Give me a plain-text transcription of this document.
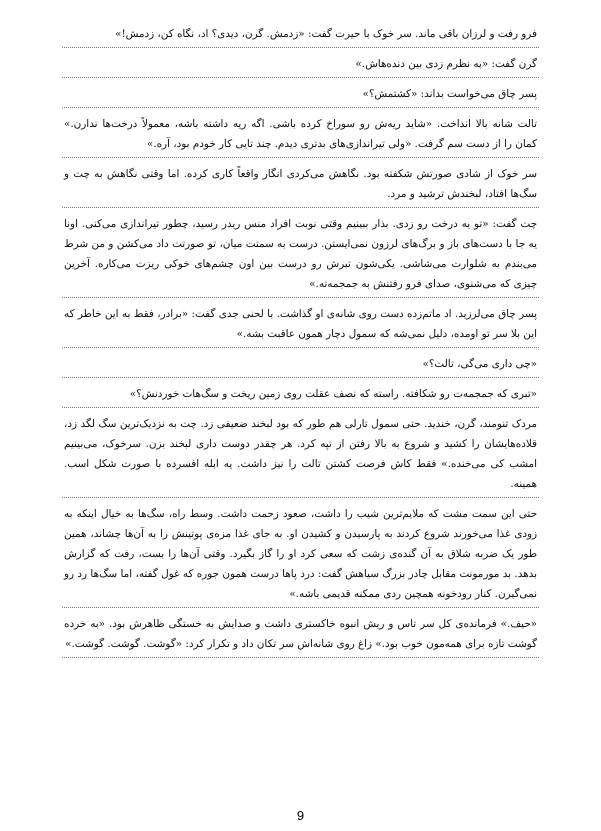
فرو رفت و لرزان باقی ماند. سر خوک با حیرت گفت: «زدمش. گرن، دیدی؟ اد، نگاه کن، زدمش!»

گرن گفت: «به نظرم زدی بین دنده‌هاش.»

پسر چاق می‌خواست بداند: «کشتمش؟»

تالت شانه بالا انداخت. «شاید ریه‌ش رو سوراخ کرده باشی. اگه ریه داشته باشه، معمولاً درخت‌ها ندارن.» کمان را از دست سم گرفت. «ولی تیراندازی‌های بدتری دیدم. چند تایی کار خودم بود، آره.»

سر خوک از شادی صورتش شکفته بود. نگاهش می‌کردی انگار واقعاً کاری کرده. اما وقتی نگاهش به چت و سگ‌ها افتاد، لبخندش ترشید و مرد.

چت گفت: «تو یه درخت رو زدی. بذار ببینیم وقتی نوبت افراد منس ریدر رسید، چطور تیراندازی می‌کنی. اونا یه جا با دست‌های باز و برگ‌های لرزون نمی‌ایستن. درست به سمتت میان، تو صورتت داد می‌کشن و من شرط می‌بندم به شلوارت می‌شاشی. یکی‌شون تبرش رو درست بین اون چشم‌های خوکی ریزت می‌کاره. آخرین چیزی که می‌شنوی، صدای فرو رفتنش به جمجمه‌ته.»

پسر چاق می‌لرزید. اد ماتم‌زده دست روی شانه‌ی او گذاشت. با لحنی جدی گفت: «برادر، فقط به این خاطر که این بلا سر تو اومده، دلیل نمی‌شه که سمول دچار همون عاقبت بشه.»

«چی داری می‌گی، تالت؟»

«تبری که جمجمه‌ت رو شکافته. راسته که نصف عقلت روی زمین ریخت و سگ‌هات خوردنش؟»

مردک تنومند، گرن، خندید. حتی سمول تارلی هم طور که بود لبخند ضعیفی زد. چت به نزدیک‌ترین سگ لگد زد، قلاده‌هایشان را کشید و شروع به بالا رفتن از تپه کرد. هر چقدر دوست داری لبخند بزن. سرخوک، می‌بینیم امشب کی می‌خنده.» فقط کاش فرصت کشتن تالت را نیز داشت. یه ابله افسرده با صورت شکل اسب. همینه.

حتی این سمت مشت که ملایم‌ترین شیب را داشت، صعود زحمت داشت. وسط راه، سگ‌ها به خیال اینکه به زودی غذا می‌خورند شروع کردند به پارسیدن و کشیدن او. به جای غذا مزه‌ی پوتینش را به آن‌ها چشاند، همین طور یک ضربه شلاق به آن گنده‌ی زشت که سعی کرد او را گاز بگیرد. وقتی آن‌ها را بست، رفت که گزارش بدهد. بد مورمونت مقابل چادر بزرگ سیاهش گفت: درد پاها درست همون جوره که غول گفته، اما سگ‌ها رد رو نمی‌گیرن. کنار رودخونه همچین ردی ممکنه قدیمی باشه.»

«حیف.» فرمانده‌ی کل سر تاس و ریش انبوه خاکستری داشت و صدایش به خستگی ظاهرش بود. «به خرده گوشت تازه برای همه‌مون خوب بود.» زاغ روی شانه‌اش سر تکان داد و تکرار کرد: «گوشت. گوشت. گوشت.»

9
